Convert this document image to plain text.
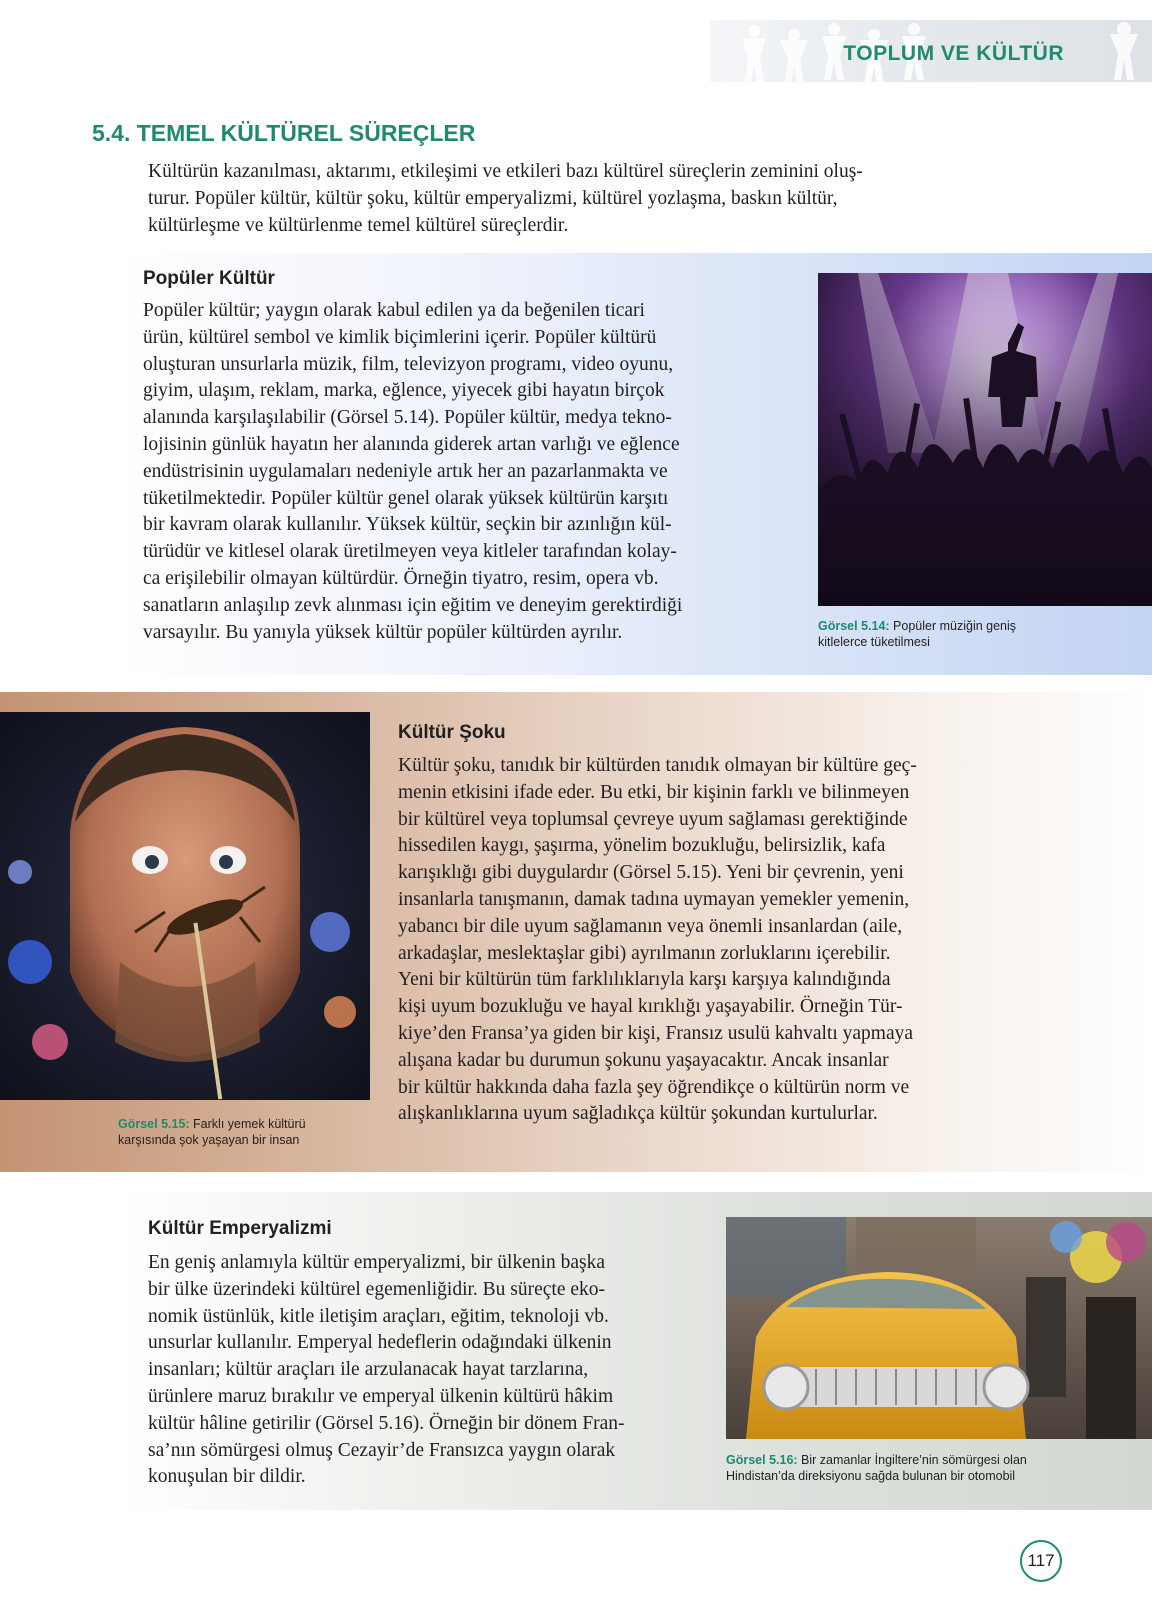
TOPLUM VE KÜLTÜR
5.4. TEMEL KÜLTÜREL SÜREÇLER
Kültürün kazanılması, aktarımı, etkileşimi ve etkileri bazı kültürel süreçlerin zeminini oluş-
turur. Popüler kültür, kültür şoku, kültür emperyalizmi, kültürel yozlaşma, baskın kültür,
kültürleşme ve kültürlenme temel kültürel süreçlerdir.
Popüler Kültür
Popüler kültür; yaygın olarak kabul edilen ya da beğenilen ticari
ürün, kültürel sembol ve kimlik biçimlerini içerir. Popüler kültürü
oluşturan unsurlarla müzik, film, televizyon programı, video oyunu,
giyim, ulaşım, reklam, marka, eğlence, yiyecek gibi hayatın birçok
alanında karşılaşılabilir (Görsel 5.14). Popüler kültür, medya tekno-
lojisinin günlük hayatın her alanında giderek artan varlığı ve eğlence
endüstrisinin uygulamaları nedeniyle artık her an pazarlanmakta ve
tüketilmektedir. Popüler kültür genel olarak yüksek kültürün karşıtı
bir kavram olarak kullanılır. Yüksek kültür, seçkin bir azınlığın kül-
türüdür ve kitlesel olarak üretilmeyen veya kitleler tarafından kolay-
ca erişilebilir olmayan kültürdür. Örneğin tiyatro, resim, opera vb.
sanatların anlaşılıp zevk alınması için eğitim ve deneyim gerektirdiği
varsayılır. Bu yanıyla yüksek kültür popüler kültürden ayrılır.	Görsel 5.14: Popüler müziğin geniş
kitlelerce tüketilmesi
Görsel 5.15: Farklı yemek kültürü
karşısında şok yaşayan bir insan
Kültür Şoku
Kültür şoku, tanıdık bir kültürden tanıdık olmayan bir kültüre geç-
menin etkisini ifade eder. Bu etki, bir kişinin farklı ve bilinmeyen
bir kültürel veya toplumsal çevreye uyum sağlaması gerektiğinde
hissedilen kaygı, şaşırma, yönelim bozukluğu, belirsizlik, kafa
karışıklığı gibi duygulardır (Görsel 5.15). Yeni bir çevrenin, yeni
insanlarla tanışmanın, damak tadına uymayan yemekler yemenin,
yabancı bir dile uyum sağlamanın veya önemli insanlardan (aile,
arkadaşlar, meslektaşlar gibi) ayrılmanın zorluklarını içerebilir.
Yeni bir kültürün tüm farklılıklarıyla karşı karşıya kalındığında
kişi uyum bozukluğu ve hayal kırıklığı yaşayabilir. Örneğin Tür-
kiye’den Fransa’ya giden bir kişi, Fransız usulü kahvaltı yapmaya
alışana kadar bu durumun şokunu yaşayacaktır. Ancak insanlar
bir kültür hakkında daha fazla şey öğrendikçe o kültürün norm ve
alışkanlıklarına uyum sağladıkça kültür şokundan kurtulurlar.
Kültür Emperyalizmi
En geniş anlamıyla kültür emperyalizmi, bir ülkenin başka
bir ülke üzerindeki kültürel egemenliğidir. Bu süreçte eko-
nomik üstünlük, kitle iletişim araçları, eğitim, teknoloji vb.
unsurlar kullanılır. Emperyal hedeflerin odağındaki ülkenin
insanları; kültür araçları ile arzulanacak hayat tarzlarına,
ürünlere maruz bırakılır ve emperyal ülkenin kültürü hâkim
kültür hâline getirilir (Görsel 5.16). Örneğin bir dönem Fran-
sa’nın sömürgesi olmuş Cezayir’de Fransızca yaygın olarak
konuşulan bir dildir.
Görsel 5.16: Bir zamanlar İngiltere’nin sömürgesi olan
Hindistan’da direksiyonu sağda bulunan bir otomobil
117
